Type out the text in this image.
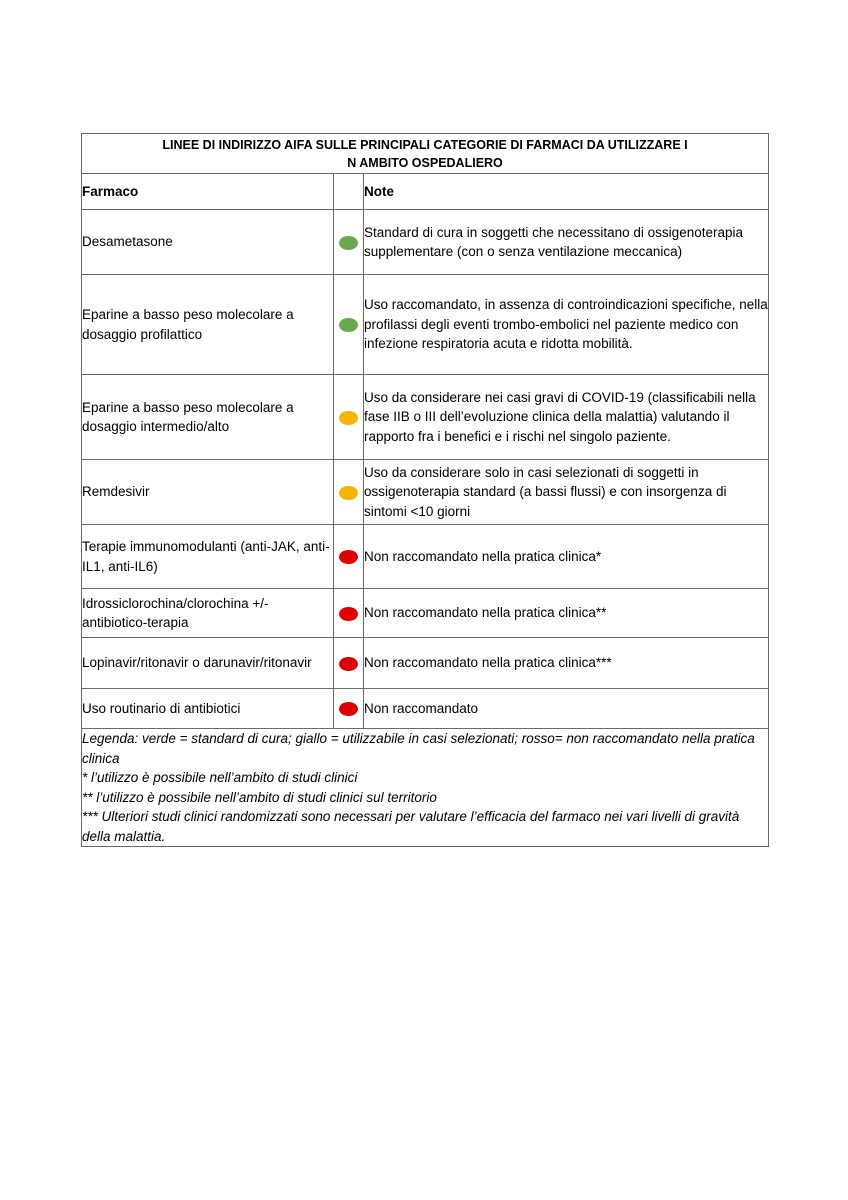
LINEE DI INDIRIZZO AIFA SULLE PRINCIPALI CATEGORIE DI FARMACI DA UTILIZZARE I
N AMBITO OSPEDALIERO		

Farmaco		Note
Desametasone		Standard di cura in soggetti che necessitano di ossigenoterapia supplementare (con o senza ventilazione meccanica)
Eparine a basso peso molecolare a dosaggio profilattico		Uso raccomandato, in assenza di controindicazioni specifiche, nella profilassi degli eventi trombo-embolici nel paziente medico con infezione respiratoria acuta e ridotta mobilità.
Eparine a basso peso molecolare a dosaggio intermedio/alto		Uso da considerare nei casi gravi di COVID-19 (classificabili nella fase IIB o III dell’evoluzione clinica della malattia) valutando il rapporto fra i benefici e i rischi nel singolo paziente.
Remdesivir		Uso da considerare solo in casi selezionati di soggetti in ossigenoterapia standard (a bassi flussi) e con insorgenza di sintomi <10 giorni
Terapie immunomodulanti (anti-JAK, anti-IL1, anti-IL6)		Non raccomandato nella pratica clinica*
Idrossiclorochina/clorochina +/- antibiotico-terapia		Non raccomandato nella pratica clinica**
Lopinavir/ritonavir o darunavir/ritonavir		Non raccomandato nella pratica clinica***
Uso routinario di antibiotici		Non raccomandato

Legenda: verde = standard di cura; giallo = utilizzabile in casi selezionati; rosso= non raccomandato nella pratica clinica
* l’utilizzo è possibile nell’ambito di studi clinici
** l’utilizzo è possibile nell’ambito di studi clinici sul territorio
*** Ulteriori studi clinici randomizzati sono necessari per valutare l’efficacia del farmaco nei vari livelli di gravità della malattia.		
